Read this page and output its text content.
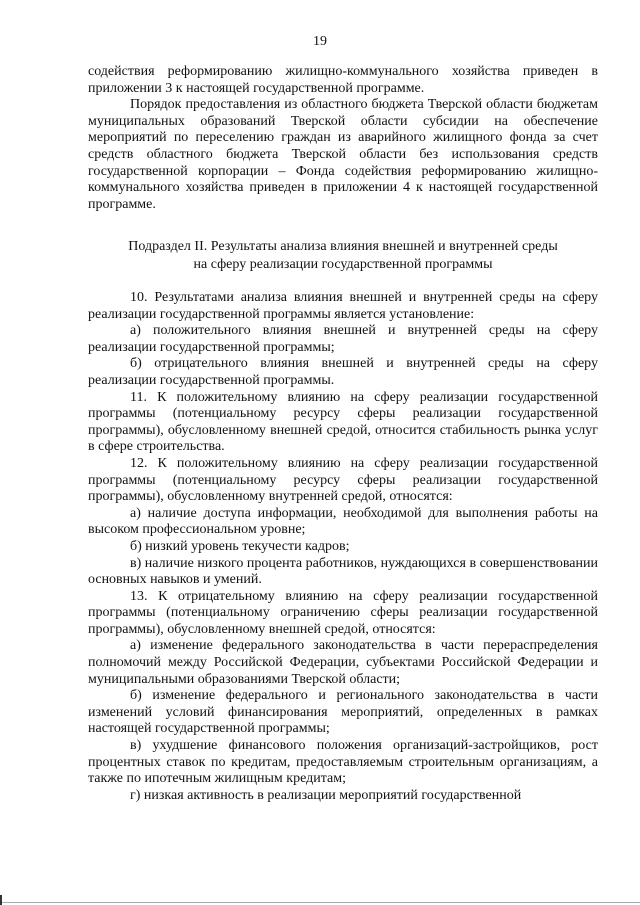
19

содействия реформированию жилищно-коммунального хозяйства приведен в приложении 3 к настоящей государственной программе.

Порядок предоставления из областного бюджета Тверской области бюджетам муниципальных образований Тверской области субсидии на обеспечение мероприятий по переселению граждан из аварийного жилищного фонда за счет средств областного бюджета Тверской области без использования средств государственной корпорации – Фонда содействия реформированию жилищно-коммунального хозяйства приведен в приложении 4 к настоящей государственной программе.

Подраздел II. Результаты анализа влияния внешней и внутренней среды

на сферу реализации государственной программы

10. Результатами анализа влияния внешней и внутренней среды на сферу реализации государственной программы является установление:

а) положительного влияния внешней и внутренней среды на сферу реализации государственной программы;

б) отрицательного влияния внешней и внутренней среды на сферу реализации государственной программы.

11. К положительному влиянию на сферу реализации государственной программы (потенциальному ресурсу сферы реализации государственной программы), обусловленному внешней средой, относится стабильность рынка услуг в сфере строительства.

12. К положительному влиянию на сферу реализации государственной программы (потенциальному ресурсу сферы реализации государственной программы), обусловленному внутренней средой, относятся:

а) наличие доступа информации, необходимой для выполнения работы на высоком профессиональном уровне;

б) низкий уровень текучести кадров;

в) наличие низкого процента работников, нуждающихся в совершенствовании основных навыков и умений.

13. К отрицательному влиянию на сферу реализации государственной программы (потенциальному ограничению сферы реализации государственной программы), обусловленному внешней средой, относятся:

а) изменение федерального законодательства в части перераспределения полномочий между Российской Федерации, субъектами Российской Федерации и муниципальными образованиями Тверской области;

б) изменение федерального и регионального законодательства в части изменений условий финансирования мероприятий, определенных в рамках настоящей государственной программы;

в) ухудшение финансового положения организаций-застройщиков, рост процентных ставок по кредитам, предоставляемым строительным организациям, а также по ипотечным жилищным кредитам;

г) низкая активность в реализации мероприятий государственной
